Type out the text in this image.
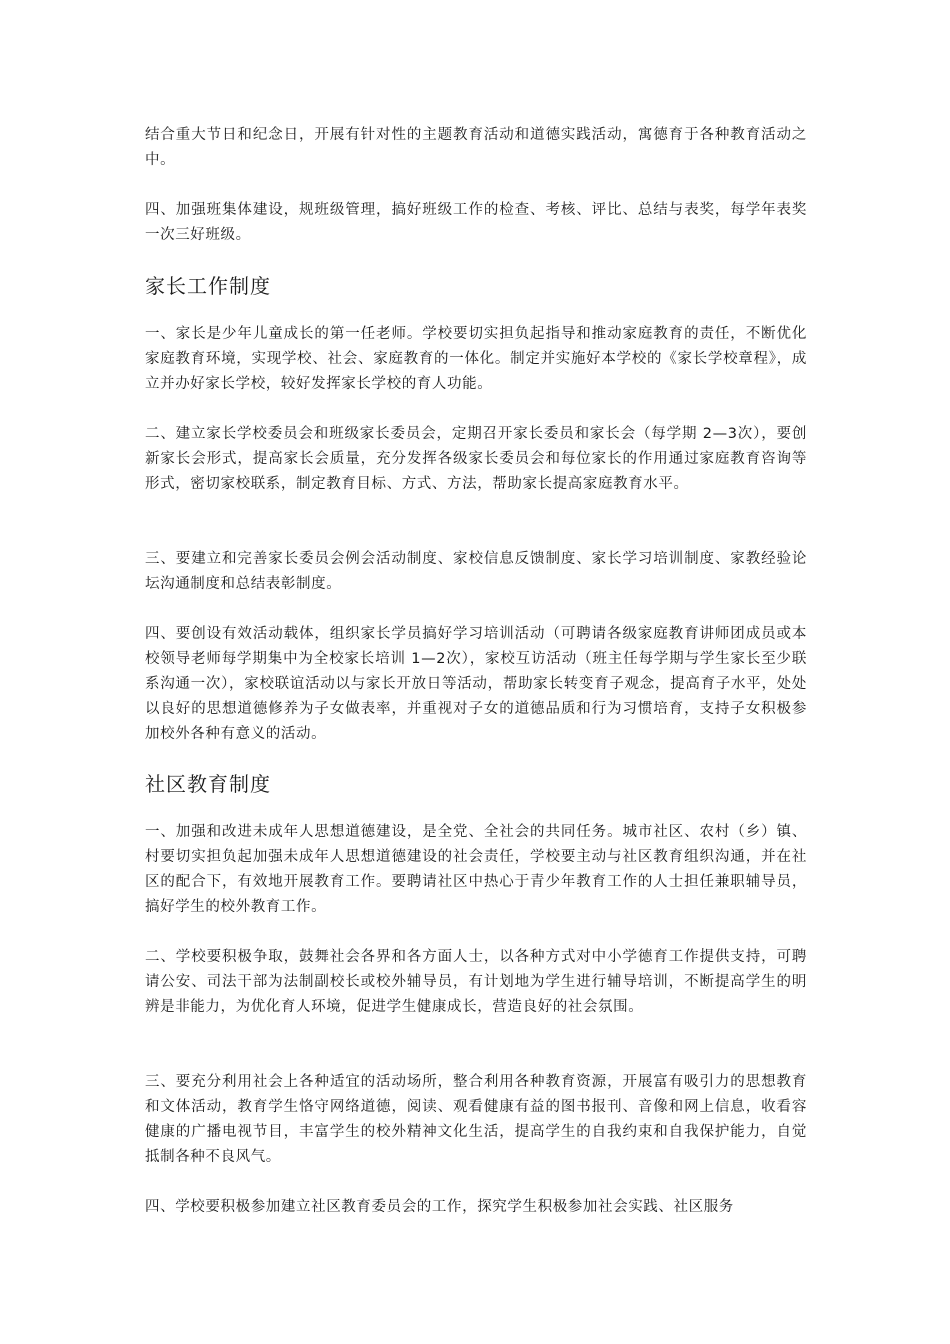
结合重大节日和纪念日，开展有针对性的主题教育活动和道德实践活动，寓德育于各种教育活动之中。

四、加强班集体建设，规班级管理，搞好班级工作的检查、考核、评比、总结与表奖，每学年表奖一次三好班级。

家长工作制度

一、家长是少年儿童成长的第一任老师。学校要切实担负起指导和推动家庭教育的责任，不断优化家庭教育环境，实现学校、社会、家庭教育的一体化。制定并实施好本学校的《家长学校章程》，成立并办好家长学校，较好发挥家长学校的育人功能。

二、建立家长学校委员会和班级家长委员会，定期召开家长委员和家长会（每学期 2—3次），要创新家长会形式，提高家长会质量，充分发挥各级家长委员会和每位家长的作用通过家庭教育咨询等形式，密切家校联系，制定教育目标、方式、方法，帮助家长提高家庭教育水平。

三、要建立和完善家长委员会例会活动制度、家校信息反馈制度、家长学习培训制度、家教经验论坛沟通制度和总结表彰制度。

四、要创设有效活动载体，组织家长学员搞好学习培训活动（可聘请各级家庭教育讲师团成员或本校领导老师每学期集中为全校家长培训 1—2次），家校互访活动（班主任每学期与学生家长至少联系沟通一次），家校联谊活动以与家长开放日等活动，帮助家长转变育子观念，提高育子水平，处处以良好的思想道德修养为子女做表率，并重视对子女的道德品质和行为习惯培育，支持子女积极参加校外各种有意义的活动。

社区教育制度

一、加强和改进未成年人思想道德建设，是全党、全社会的共同任务。城市社区、农村（乡）镇、村要切实担负起加强未成年人思想道德建设的社会责任，学校要主动与社区教育组织沟通，并在社区的配合下，有效地开展教育工作。要聘请社区中热心于青少年教育工作的人士担任兼职辅导员，搞好学生的校外教育工作。

二、学校要积极争取，鼓舞社会各界和各方面人士，以各种方式对中小学德育工作提供支持，可聘请公安、司法干部为法制副校长或校外辅导员，有计划地为学生进行辅导培训，不断提高学生的明辨是非能力，为优化育人环境，促进学生健康成长，营造良好的社会氛围。

三、要充分利用社会上各种适宜的活动场所，整合利用各种教育资源，开展富有吸引力的思想教育和文体活动，教育学生恪守网络道德，阅读、观看健康有益的图书报刊、音像和网上信息，收看容健康的广播电视节目，丰富学生的校外精神文化生活，提高学生的自我约束和自我保护能力，自觉抵制各种不良风气。

四、学校要积极参加建立社区教育委员会的工作，探究学生积极参加社会实践、社区服务
